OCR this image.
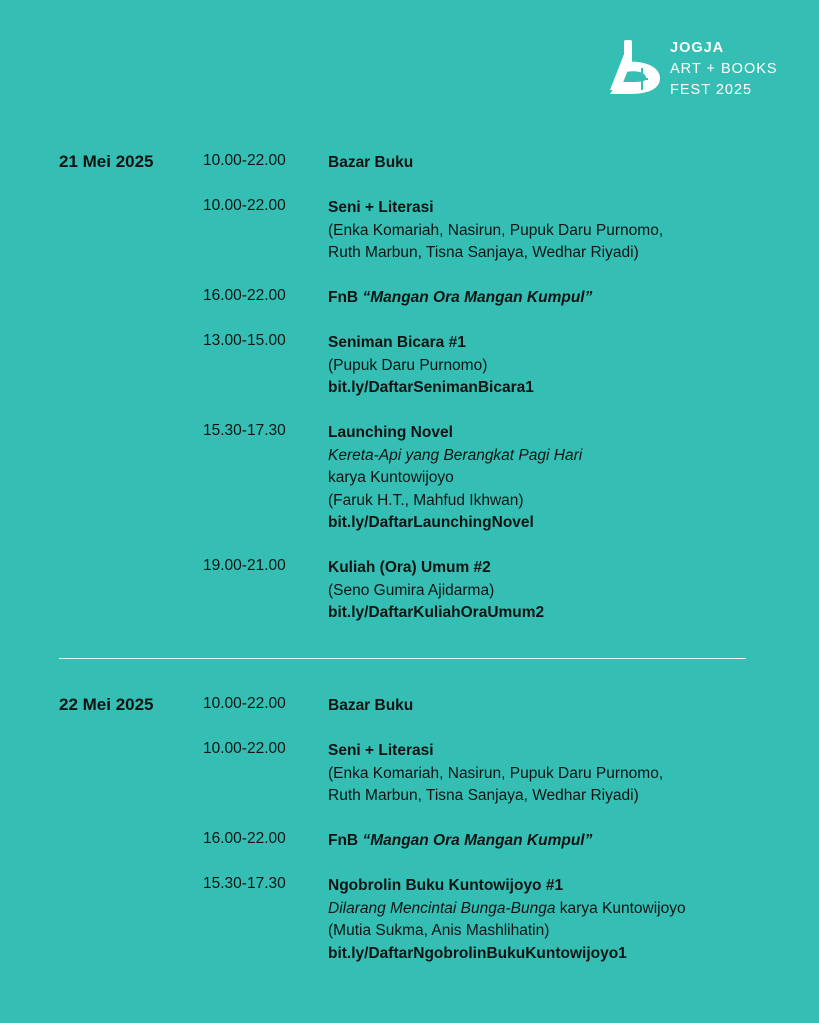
JOGJA
ART + BOOKS
FEST 2025
21 Mei 2025	10.00-22.00	Bazar Buku
10.00-22.00	Seni + Literasi
(Enka Komariah, Nasirun, Pupuk Daru Purnomo,
Ruth Marbun, Tisna Sanjaya, Wedhar Riyadi)
16.00-22.00	FnB “Mangan Ora Mangan Kumpul”
13.00-15.00	Seniman Bicara #1
(Pupuk Daru Purnomo)
bit.ly/DaftarSenimanBicara1
15.30-17.30	Launching Novel
Kereta-Api yang Berangkat Pagi Hari
karya Kuntowijoyo
(Faruk H.T., Mahfud Ikhwan)
bit.ly/DaftarLaunchingNovel
19.00-21.00	Kuliah (Ora) Umum #2
(Seno Gumira Ajidarma)
bit.ly/DaftarKuliahOraUmum2
22 Mei 2025	10.00-22.00	Bazar Buku
10.00-22.00	Seni + Literasi
(Enka Komariah, Nasirun, Pupuk Daru Purnomo,
Ruth Marbun, Tisna Sanjaya, Wedhar Riyadi)
16.00-22.00	FnB “Mangan Ora Mangan Kumpul”
15.30-17.30	Ngobrolin Buku Kuntowijoyo #1
Dilarang Mencintai Bunga-Bunga karya Kuntowijoyo
(Mutia Sukma, Anis Mashlihatin)
bit.ly/DaftarNgobrolinBukuKuntowijoyo1
